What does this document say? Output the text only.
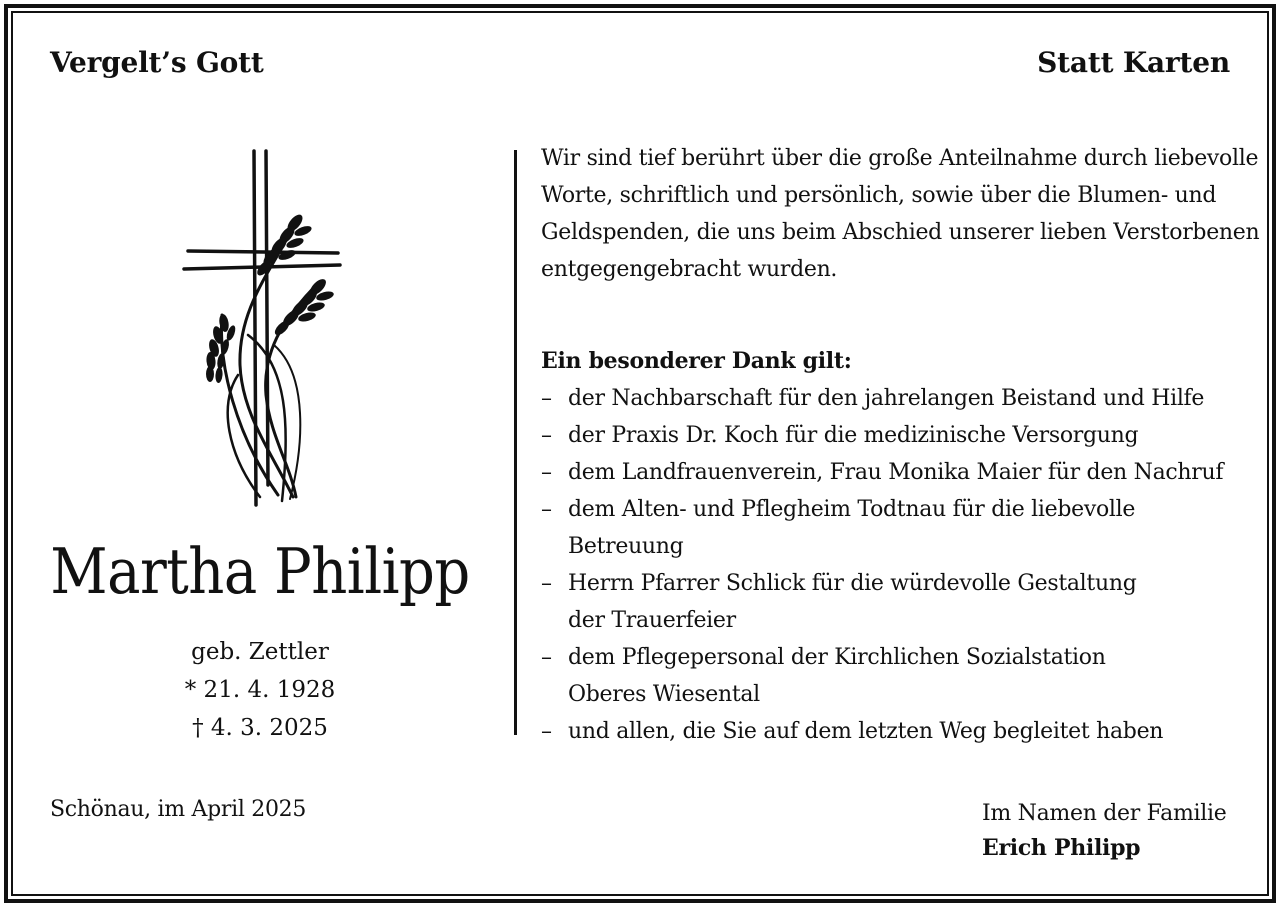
Vergelt’s Gott	Statt Karten
Martha Philipp
geb. Zettler
* 21. 4. 1928
† 4. 3. 2025
Wir sind tief berührt über die große Anteilnahme durch liebevolle
Worte, schriftlich und persönlich, sowie über die Blumen- und
Geldspenden, die uns beim Abschied unserer lieben Verstorbenen
entgegengebracht wurden.
Ein besonderer Dank gilt:
– der Nachbarschaft für den jahrelangen Beistand und Hilfe
– der Praxis Dr. Koch für die medizinische Versorgung
– dem Landfrauenverein, Frau Monika Maier für den Nachruf
– dem Alten- und Pflegheim Todtnau für die liebevolle
Betreuung
– Herrn Pfarrer Schlick für die würdevolle Gestaltung
der Trauerfeier
– dem Pflegepersonal der Kirchlichen Sozialstation
Oberes Wiesental
– und allen, die Sie auf dem letzten Weg begleitet haben
Schönau, im April 2025	Im Namen der Familie
Erich Philipp
